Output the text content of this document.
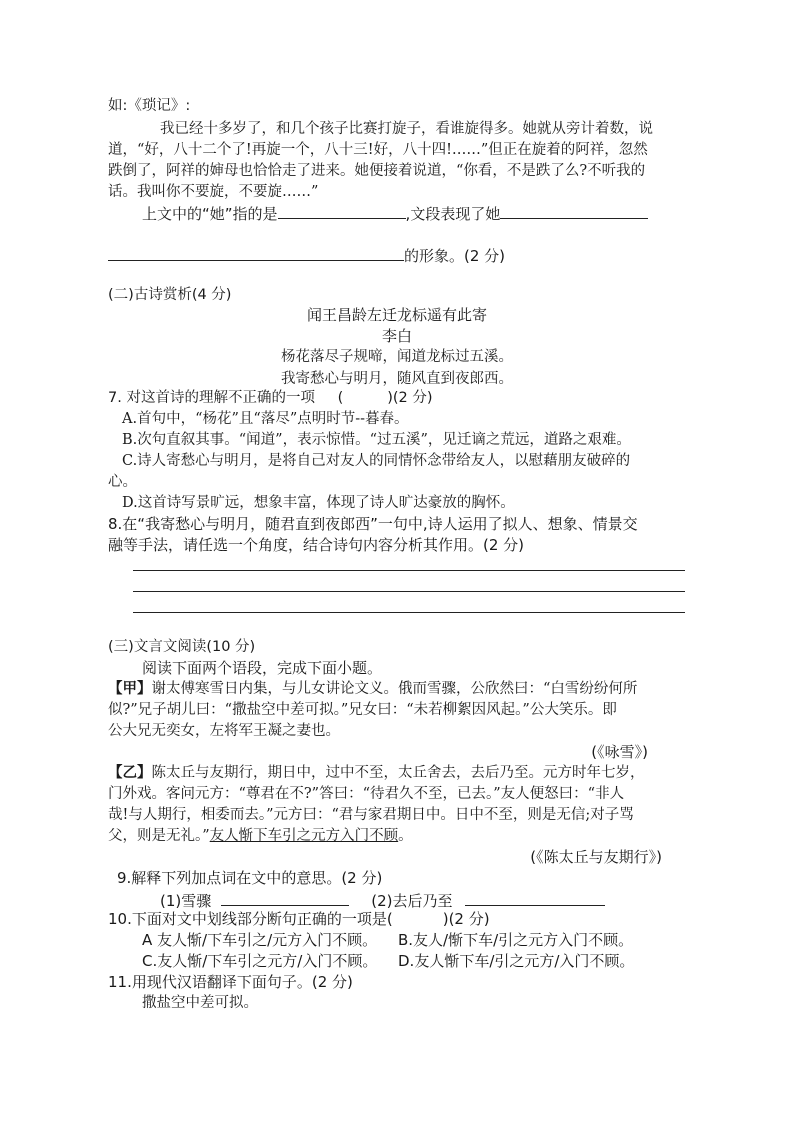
如:《琐记》:
我已经十多岁了，和几个孩子比赛打旋子，看谁旋得多。她就从旁计着数，说
道，“好，八十二个了!再旋一个，八十三!好，八十四!……”但正在旋着的阿祥，忽然
跌倒了，阿祥的婶母也恰恰走了进来。她便接着说道，“你看，不是跌了么?不听我的
话。我叫你不要旋，不要旋……”
上文中的“她”指的是	,文段表现了她
的形象。(2 分)
(二)古诗赏析(4 分)
闻王昌龄左迁龙标遥有此寄
李白
杨花落尽子规啼，闻道龙标过五溪。
我寄愁心与明月，随风直到夜郎西。
7. 对这首诗的理解不正确的一项 (	)(2 分)
A.首句中，“杨花”且“落尽”点明时节--暮春。
B.次句直叙其事。“闻道”，表示惊惜。“过五溪”，见迁谪之荒远，道路之艰难。
C.诗人寄愁心与明月，是将自己对友人的同情怀念带给友人，以慰藉朋友破碎的
心。
D.这首诗写景旷远，想象丰富，体现了诗人旷达豪放的胸怀。
8.在“我寄愁心与明月，随君直到夜郎西”一句中,诗人运用了拟人、想象、情景交
融等手法，请任选一个角度，结合诗句内容分析其作用。(2 分)
(三)文言文阅读(10 分)
阅读下面两个语段，完成下面小题。
【甲】谢太傅寒雪日内集，与儿女讲论文义。俄而雪骤，公欣然曰：“白雪纷纷何所
似?”兄子胡儿曰：“撒盐空中差可拟。”兄女曰：“未若柳絮因风起。”公大笑乐。即
公大兄无奕女，左将军王凝之妻也。
(《咏雪》)
【乙】陈太丘与友期行，期日中，过中不至，太丘舍去，去后乃至。元方时年七岁，
门外戏。客问元方：“尊君在不?”答曰：“待君久不至，已去。”友人便怒曰：“非人
哉!与人期行，相委而去。”元方曰：“君与家君期日中。日中不至，则是无信;对子骂
父，则是无礼。”友人惭下车引之元方入门不顾。
(《陈太丘与友期行》)
9.解释下列加点词在文中的意思。(2 分)
(1)雪骤	(2)去后乃至
10.下面对文中划线部分断句正确的一项是(	)(2 分)
A 友人惭/下车引之/元方入门不顾。 B.友人/惭下车/引之元方入门不顾。
C.友人惭/下车引之元方/入门不顾。 D.友人惭下车/引之元方/入门不顾。
11.用现代汉语翻译下面句子。(2 分)
撒盐空中差可拟。
